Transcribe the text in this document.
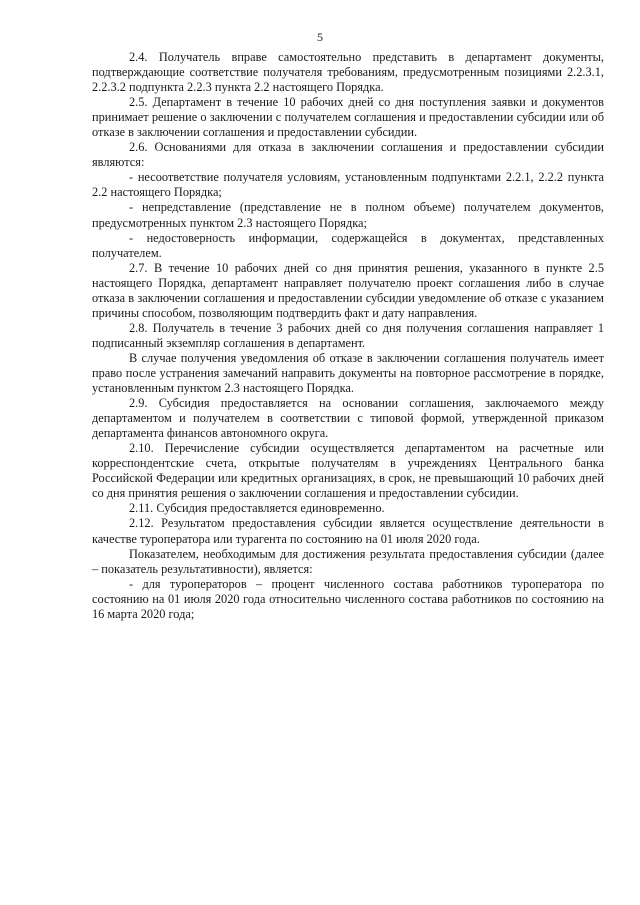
5

2.4. Получатель вправе самостоятельно представить в департамент документы, подтверждающие соответствие получателя требованиям, предусмотренным позициями 2.2.3.1, 2.2.3.2 подпункта 2.2.3 пункта 2.2 настоящего Порядка.

2.5. Департамент в течение 10 рабочих дней со дня поступления заявки и документов принимает решение о заключении с получателем соглашения и предоставлении субсидии или об отказе в заключении соглашения и предоставлении субсидии.

2.6. Основаниями для отказа в заключении соглашения и предоставлении субсидии являются:

- несоответствие получателя условиям, установленным подпунктами 2.2.1, 2.2.2 пункта 2.2 настоящего Порядка;

- непредставление (представление не в полном объеме) получателем документов, предусмотренных пунктом 2.3 настоящего Порядка;

- недостоверность информации, содержащейся в документах, представленных получателем.

2.7. В течение 10 рабочих дней со дня принятия решения, указанного в пункте 2.5 настоящего Порядка, департамент направляет получателю проект соглашения либо в случае отказа в заключении соглашения и предоставлении субсидии уведомление об отказе с указанием причины способом, позволяющим подтвердить факт и дату направления.

2.8. Получатель в течение 3 рабочих дней со дня получения соглашения направляет 1 подписанный экземпляр соглашения в департамент.

В случае получения уведомления об отказе в заключении соглашения получатель имеет право после устранения замечаний направить документы на повторное рассмотрение в порядке, установленным пунктом 2.3 настоящего Порядка.

2.9. Субсидия предоставляется на основании соглашения, заключаемого между департаментом и получателем в соответствии с типовой формой, утвержденной приказом департамента финансов автономного округа.

2.10. Перечисление субсидии осуществляется департаментом на расчетные или корреспондентские счета, открытые получателям в учреждениях Центрального банка Российской Федерации или кредитных организациях, в срок, не превышающий 10 рабочих дней со дня принятия решения о заключении соглашения и предоставлении субсидии.

2.11. Субсидия предоставляется единовременно.

2.12. Результатом предоставления субсидии является осуществление деятельности в качестве туроператора или турагента по состоянию на 01 июля 2020 года.

Показателем, необходимым для достижения результата предоставления субсидии (далее – показатель результативности), является:

- для туроператоров – процент численного состава работников туроператора по состоянию на 01 июля 2020 года относительно численного состава работников по состоянию на 16 марта 2020 года;
